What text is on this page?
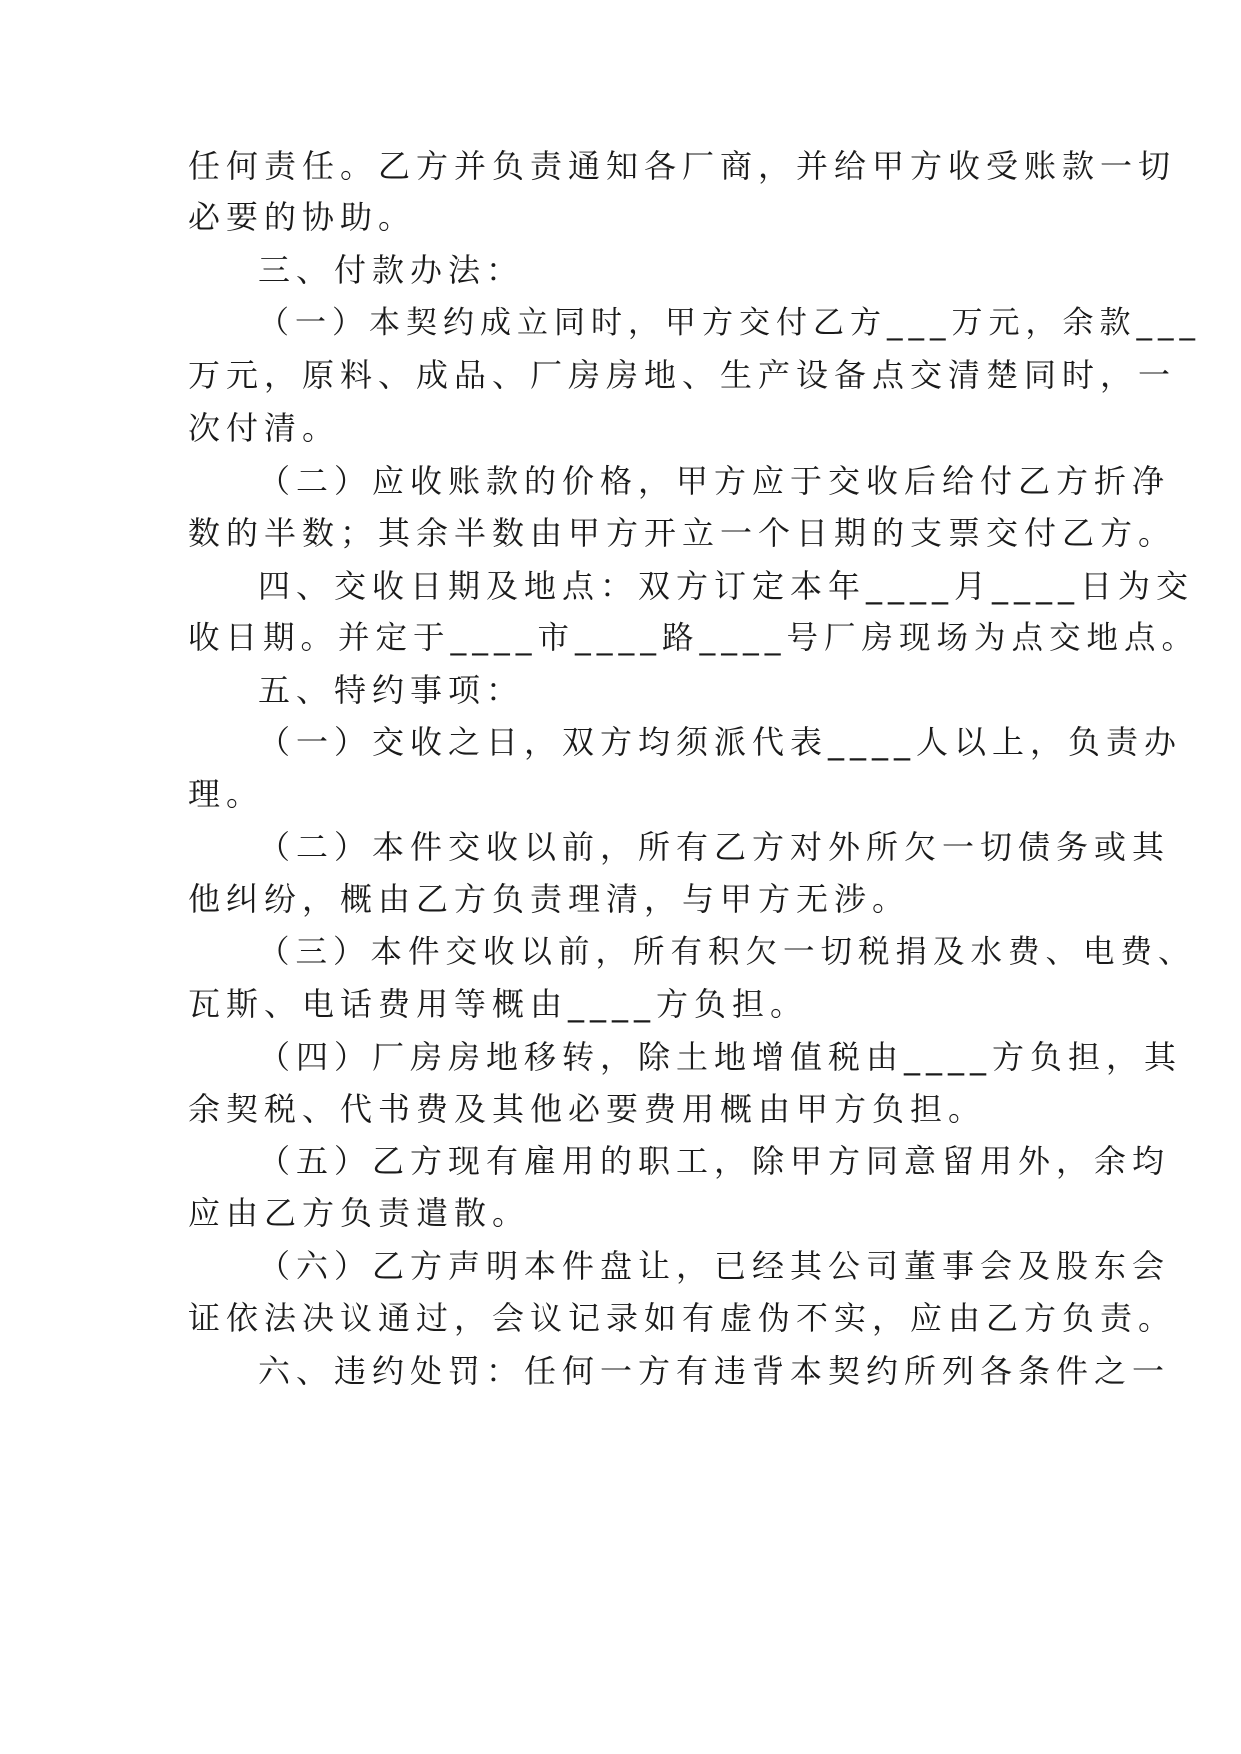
任何责任。乙方并负责通知各厂商，并给甲方收受账款一切
必要的协助。
三、付款办法：
（一）本契约成立同时，甲方交付乙方___万元，余款___
万元，原料、成品、厂房房地、生产设备点交清楚同时，一
次付清。
（二）应收账款的价格，甲方应于交收后给付乙方折净
数的半数；其余半数由甲方开立一个日期的支票交付乙方。
四、交收日期及地点：双方订定本年____月____日为交
收日期。并定于____市____路____号厂房现场为点交地点。
五、特约事项：
（一）交收之日，双方均须派代表____人以上，负责办
理。
（二）本件交收以前，所有乙方对外所欠一切债务或其
他纠纷，概由乙方负责理清，与甲方无涉。
（三）本件交收以前，所有积欠一切税捐及水费、电费、
瓦斯、电话费用等概由____方负担。
（四）厂房房地移转，除土地增值税由____方负担，其
余契税、代书费及其他必要费用概由甲方负担。
（五）乙方现有雇用的职工，除甲方同意留用外，余均
应由乙方负责遣散。
（六）乙方声明本件盘让，已经其公司董事会及股东会
证依法决议通过，会议记录如有虚伪不实，应由乙方负责。
六、违约处罚：任何一方有违背本契约所列各条件之一
